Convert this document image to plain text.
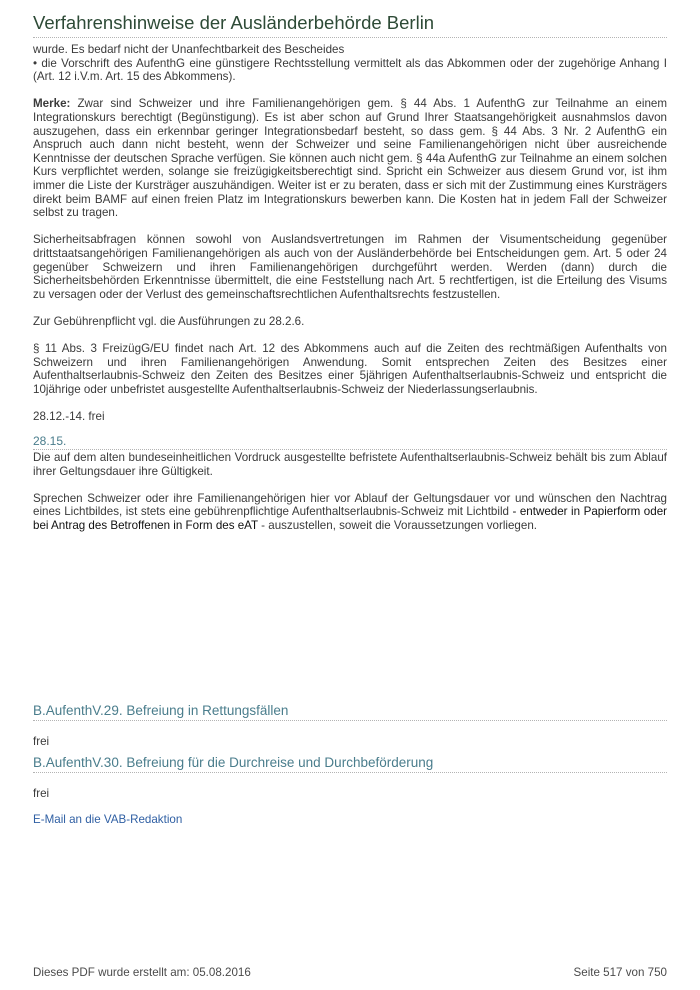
Verfahrenshinweise der Ausländerbehörde Berlin

wurde. Es bedarf nicht der Unanfechtbarkeit des Bescheides

• die Vorschrift des AufenthG eine günstigere Rechtsstellung vermittelt als das Abkommen oder der zugehörige Anhang I (Art. 12 i.V.m. Art. 15 des Abkommens).

Merke: Zwar sind Schweizer und ihre Familienangehörigen gem. § 44 Abs. 1 AufenthG zur Teilnahme an einem Integrationskurs berechtigt (Begünstigung). Es ist aber schon auf Grund Ihrer Staatsangehörigkeit ausnahmslos davon auszugehen, dass ein erkennbar geringer Integrationsbedarf besteht, so dass gem. § 44 Abs. 3 Nr. 2 AufenthG ein Anspruch auch dann nicht besteht, wenn der Schweizer und seine Familienangehörigen nicht über ausreichende Kenntnisse der deutschen Sprache verfügen. Sie können auch nicht gem. § 44a AufenthG zur Teilnahme an einem solchen Kurs verpflichtet werden, solange sie freizügigkeitsberechtigt sind. Spricht ein Schweizer aus diesem Grund vor, ist ihm immer die Liste der Kursträger auszuhändigen. Weiter ist er zu beraten, dass er sich mit der Zustimmung eines Kursträgers direkt beim BAMF auf einen freien Platz im Integrationskurs bewerben kann. Die Kosten hat in jedem Fall der Schweizer selbst zu tragen.

Sicherheitsabfragen können sowohl von Auslandsvertretungen im Rahmen der Visumentscheidung gegenüber drittstaatsangehörigen Familienangehörigen als auch von der Ausländerbehörde bei Entscheidungen gem. Art. 5 oder 24 gegenüber Schweizern und ihren Familienangehörigen durchgeführt werden. Werden (dann) durch die Sicherheitsbehörden Erkenntnisse übermittelt, die eine Feststellung nach Art. 5 rechtfertigen, ist die Erteilung des Visums zu versagen oder der Verlust des gemeinschaftsrechtlichen Aufenthaltsrechts festzustellen.

Zur Gebührenpflicht vgl. die Ausführungen zu 28.2.6.

§ 11 Abs. 3 FreizügG/EU findet nach Art. 12 des Abkommens auch auf die Zeiten des rechtmäßigen Aufenthalts von Schweizern und ihren Familienangehörigen Anwendung. Somit entsprechen Zeiten des Besitzes einer Aufenthaltserlaubnis-Schweiz den Zeiten des Besitzes einer 5jährigen Aufenthaltserlaubnis-Schweiz und entspricht die 10jährige oder unbefristet ausgestellte Aufenthaltserlaubnis-Schweiz der Niederlassungserlaubnis.

28.12.-14. frei

28.15.

Die auf dem alten bundeseinheitlichen Vordruck ausgestellte befristete Aufenthaltserlaubnis-Schweiz behält bis zum Ablauf ihrer Geltungsdauer ihre Gültigkeit.

Sprechen Schweizer oder ihre Familienangehörigen hier vor Ablauf der Geltungsdauer vor und wünschen den Nachtrag eines Lichtbildes, ist stets eine gebührenpflichtige Aufenthaltserlaubnis-Schweiz mit Lichtbild - entweder in Papierform oder bei Antrag des Betroffenen in Form des eAT - auszustellen, soweit die Voraussetzungen vorliegen.

B.AufenthV.29. Befreiung in Rettungsfällen
frei
B.AufenthV.30. Befreiung für die Durchreise und Durchbeförderung
frei
E-Mail an die VAB-Redaktion
Dieses PDF wurde erstellt am: 05.08.2016	Seite 517 von 750
